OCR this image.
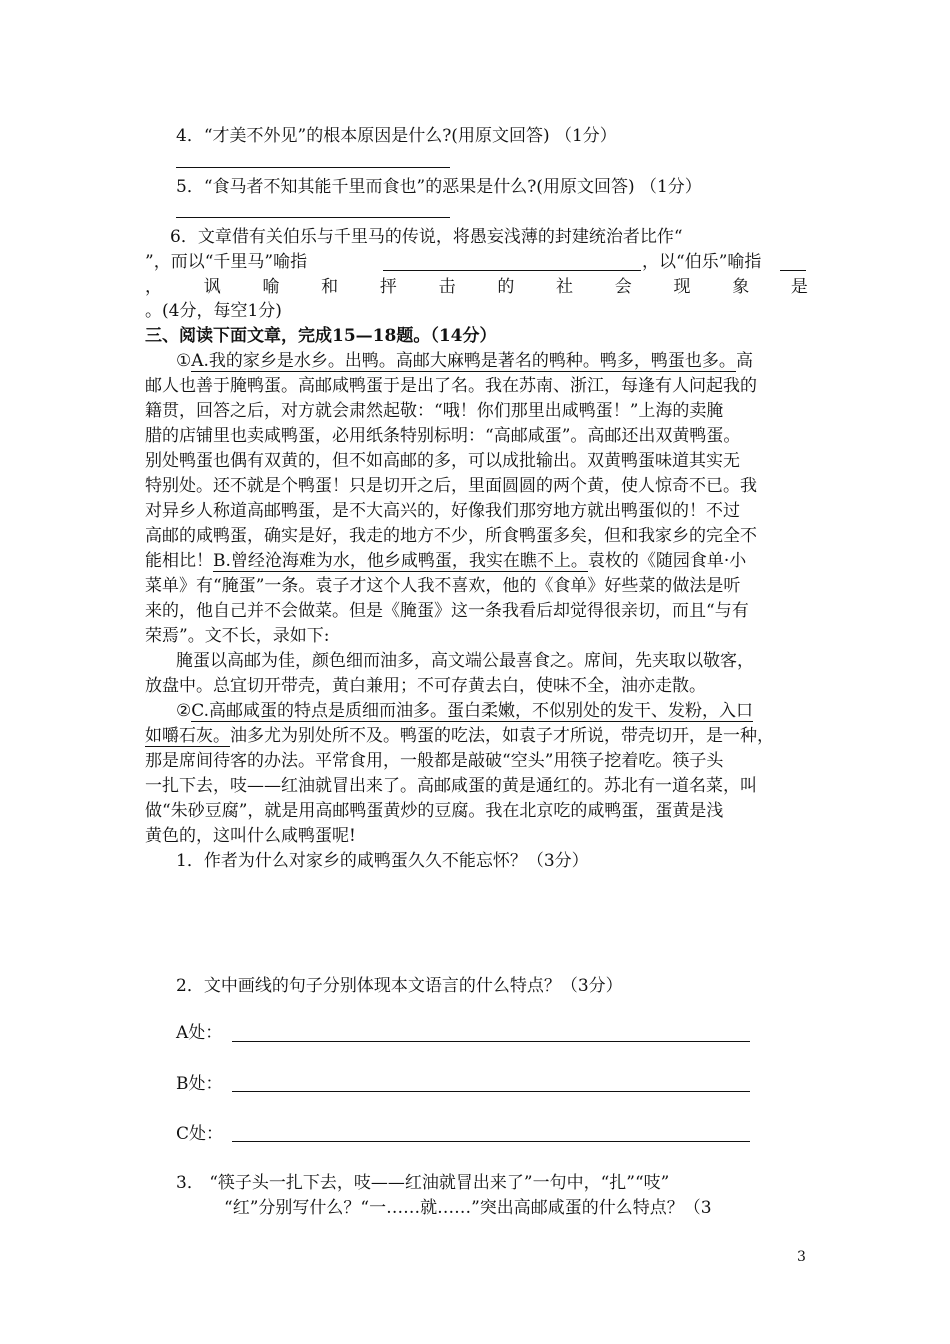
4．“才美不外见”的根本原因是什么?(用原文回答) （1分）
5．“食马者不知其能千里而食也”的恶果是什么?(用原文回答) （1分）
6．文章借有关伯乐与千里马的传说，将愚妄浅薄的封建统治者比作“
”，而以“千里马”喻指	，以“伯乐”喻指
， 讽 喻 和 抨 击 的 社 会 现 象 是
。(4分，每空1分)
三、阅读下面文章，完成15—18题。（14分）
①A.我的家乡是水乡。出鸭。高邮大麻鸭是著名的鸭种。鸭多，鸭蛋也多。高
邮人也善于腌鸭蛋。高邮咸鸭蛋于是出了名。我在苏南、浙江，每逢有人问起我的
籍贯，回答之后，对方就会肃然起敬：“哦！你们那里出咸鸭蛋！”上海的卖腌
腊的店铺里也卖咸鸭蛋，必用纸条特别标明：“高邮咸蛋”。高邮还出双黄鸭蛋。
别处鸭蛋也偶有双黄的，但不如高邮的多，可以成批输出。双黄鸭蛋味道其实无
特别处。还不就是个鸭蛋！只是切开之后，里面圆圆的两个黄，使人惊奇不已。我
对异乡人称道高邮鸭蛋，是不大高兴的，好像我们那穷地方就出鸭蛋似的！不过
高邮的咸鸭蛋，确实是好，我走的地方不少，所食鸭蛋多矣，但和我家乡的完全不
能相比！B.曾经沧海难为水，他乡咸鸭蛋，我实在瞧不上。袁枚的《随园食单·小
菜单》有“腌蛋”一条。袁子才这个人我不喜欢，他的《食单》好些菜的做法是听
来的，他自己并不会做菜。但是《腌蛋》这一条我看后却觉得很亲切，而且“与有
荣焉”。文不长，录如下:
腌蛋以高邮为佳，颜色细而油多，高文端公最喜食之。席间，先夹取以敬客，
放盘中。总宜切开带壳，黄白兼用；不可存黄去白，使味不全，油亦走散。
②C.高邮咸蛋的特点是质细而油多。蛋白柔嫩，不似别处的发干、发粉，入口
如嚼石灰。油多尤为别处所不及。鸭蛋的吃法，如袁子才所说，带壳切开，是一种，
那是席间待客的办法。平常食用，一般都是敲破“空头”用筷子挖着吃。筷子头
一扎下去，吱——红油就冒出来了。高邮咸蛋的黄是通红的。苏北有一道名菜，叫
做“朱砂豆腐”，就是用高邮鸭蛋黄炒的豆腐。我在北京吃的咸鸭蛋，蛋黄是浅
黄色的，这叫什么咸鸭蛋呢!
1．作者为什么对家乡的咸鸭蛋久久不能忘怀？（3分）
2．文中画线的句子分别体现本文语言的什么特点？（3分）
A处：
B处：
C处：
3． “筷子头一扎下去，吱——红油就冒出来了”一句中，“扎”“吱”
“红”分别写什么？“一……就……”突出高邮咸蛋的什么特点？（3
3
